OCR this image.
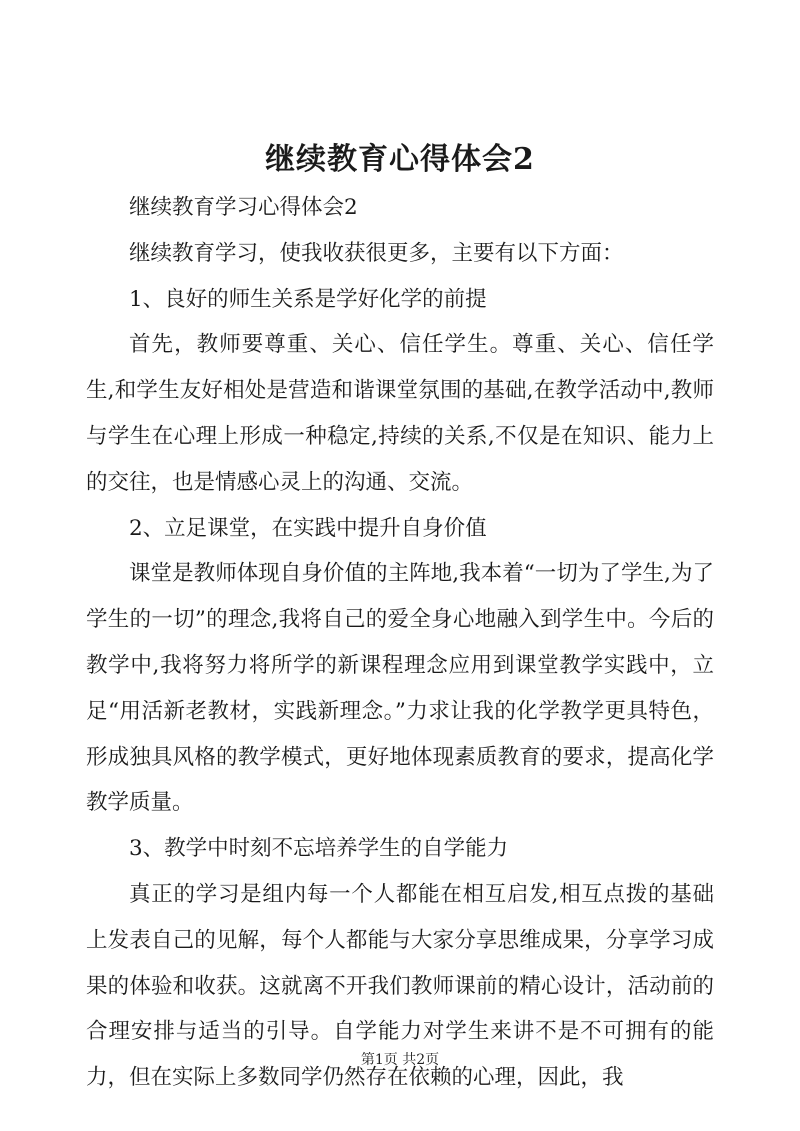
继续教育心得体会2

继续教育学习心得体会2

继续教育学习，使我收获很更多，主要有以下方面：

1、良好的师生关系是学好化学的前提

首先，教师要尊重、关心、信任学生。尊重、关心、信任学生,和学生友好相处是营造和谐课堂氛围的基础,在教学活动中,教师与学生在心理上形成一种稳定,持续的关系,不仅是在知识、能力上的交往，也是情感心灵上的沟通、交流。

2、立足课堂，在实践中提升自身价值

课堂是教师体现自身价值的主阵地,我本着“一切为了学生,为了学生的一切”的理念,我将自己的爱全身心地融入到学生中。今后的教学中,我将努力将所学的新课程理念应用到课堂教学实践中，立足“用活新老教材，实践新理念。”力求让我的化学教学更具特色，形成独具风格的教学模式，更好地体现素质教育的要求，提高化学教学质量。

3、教学中时刻不忘培养学生的自学能力

真正的学习是组内每一个人都能在相互启发,相互点拨的基础上发表自己的见解，每个人都能与大家分享思维成果，分享学习成果的体验和收获。这就离不开我们教师课前的精心设计，活动前的合理安排与适当的引导。自学能力对学生来讲不是不可拥有的能力，但在实际上多数同学仍然存在依赖的心理，因此，我

第1页 共2页
